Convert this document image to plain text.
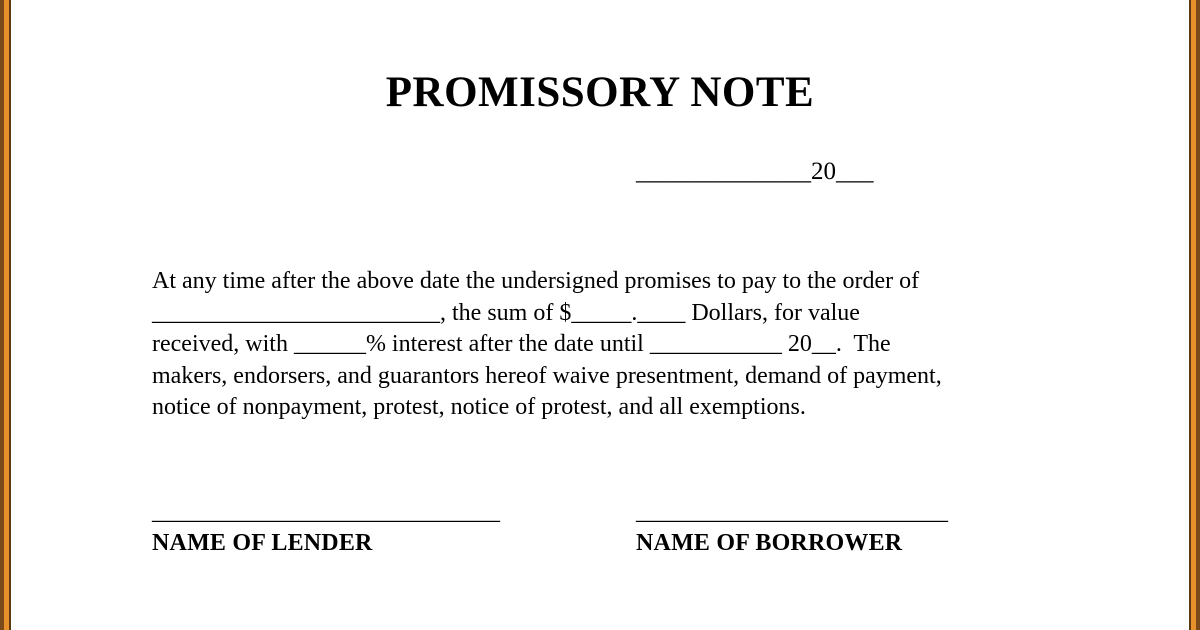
PROMISSORY NOTE
______________20___
At any time after the above date the undersigned promises to pay to the order of
________________________, the sum of $_____.____ Dollars, for value
received, with ______% interest after the date until ___________ 20__.  The
makers, endorsers, and guarantors hereof waive presentment, demand of payment,
notice of nonpayment, protest, notice of protest, and all exemptions.
_____________________________
NAME OF LENDER
__________________________
NAME OF BORROWER
